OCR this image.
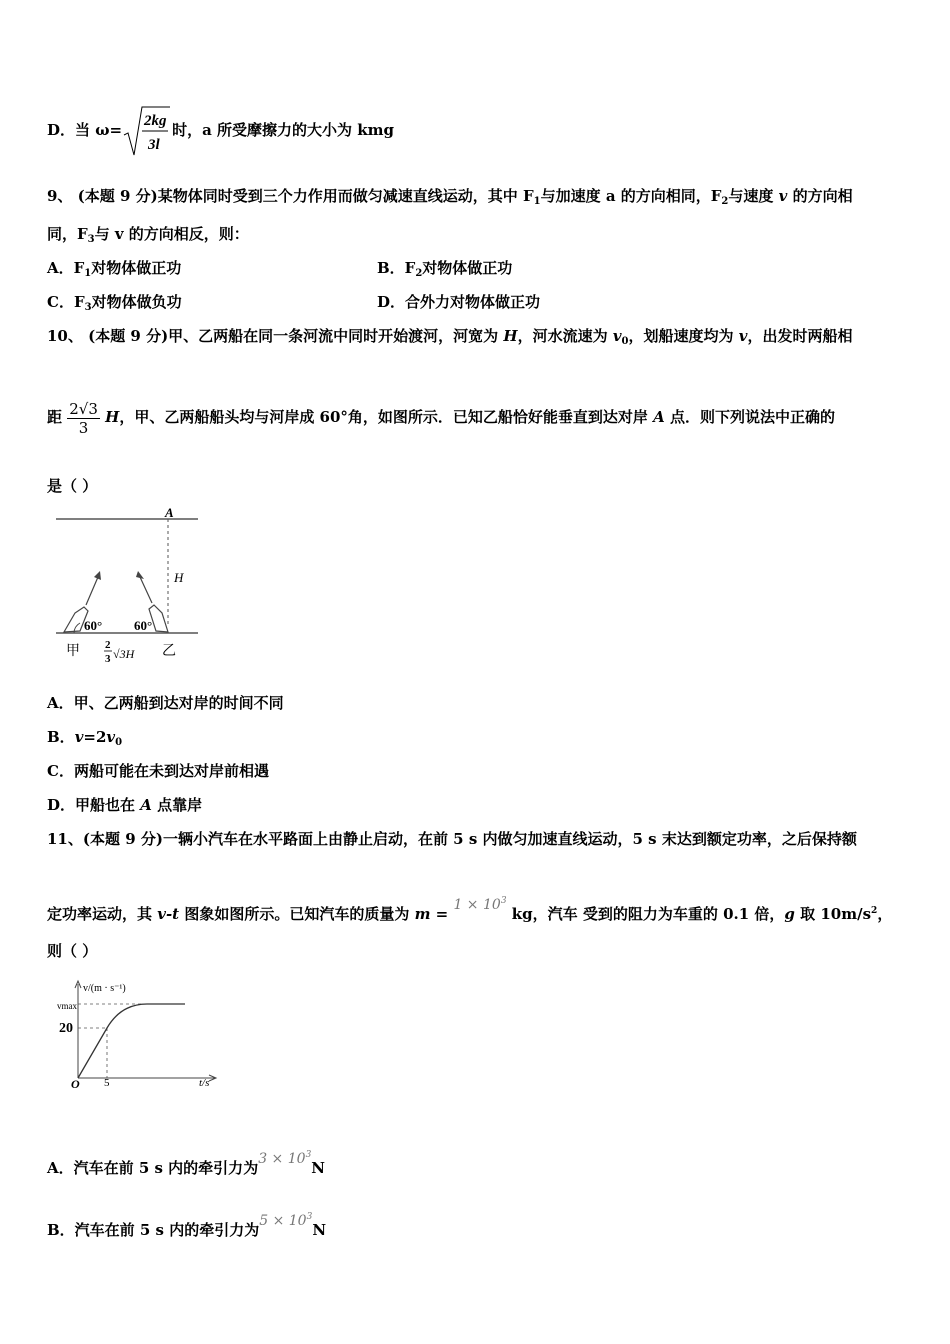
D．当 ω= 2kg
3l
时，a 所受摩擦力的大小为 kmg
9、 (本题 9 分)某物体同时受到三个力作用而做匀减速直线运动，其中 $F_1$与加速度 a 的方向相同，$F_2$与速度 v 的方向相
同，$F_3$与 v 的方向相反，则：
A．$F_1$对物体做正功	B．$F_2$对物体做正功
C．$F_3$对物体做负功	D．合外力对物体做正功
10、 (本题 9 分)甲、乙两船在同一条河流中同时开始渡河，河宽为 H，河水流速为 $v_0$，划船速度均为 v，出发时两船相
距 $\frac{2√3}{3}$ H，甲、乙两船船头均与河岸成 60°角，如图所示．已知乙船恰好能垂直到达对岸 A 点．则下列说法中正确的
是（ ）
A
H
60° 60°
甲	乙
2
3 √3H
A．甲、乙两船到达对岸的时间不同
B．$v=2v_0$
C．两船可能在未到达对岸前相遇
D．甲船也在 A 点靠岸
11、(本题 9 分)一辆小汽车在水平路面上由静止启动，在前 5 s 内做匀加速直线运动，5 s 末达到额定功率，之后保持额
定功率运动，其 v-t 图象如图所示。已知汽车的质量为 $m = 1 \times 10^3$ kg，汽车 受到的阻力为车重的 0.1 倍，g 取 $10m/s^2$，
则（ ）
v/(m · s⁻¹)
vmax
20
O 5	t/s
A．汽车在前 5 s 内的牵引力为$3 \times 10^3N$
B．汽车在前 5 s 内的牵引力为$5 \times 10^3N$
